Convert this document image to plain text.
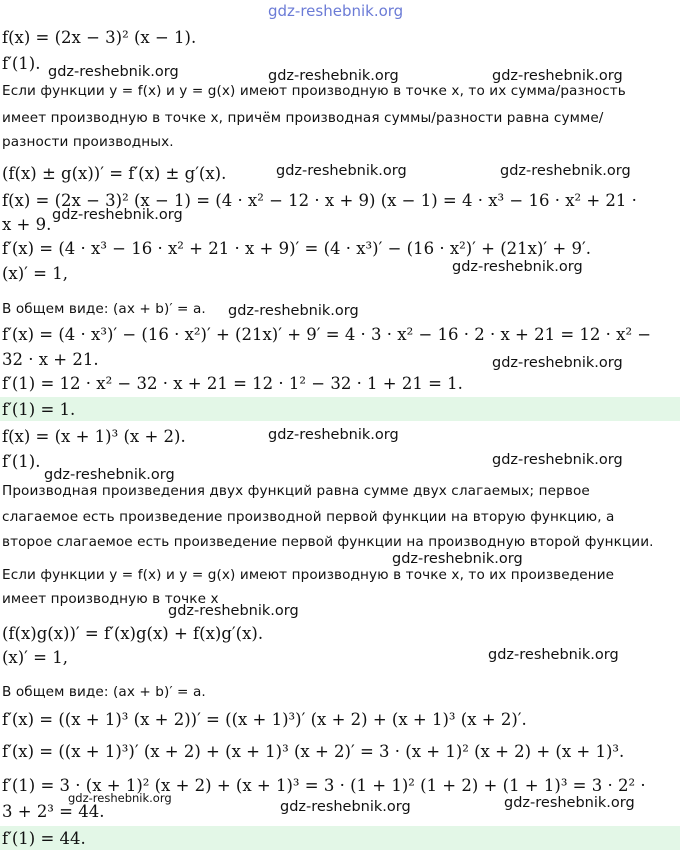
f(x) = (2x − 3)² (x − 1).
f′(1).
Если функции y = f(x) и y = g(x) имеют производную в точке x, то их сумма/разность
имеет производную в точке x, причём производная суммы/разности равна сумме/
разности производных.
(f(x) ± g(x))′ = f′(x) ± g′(x).
f(x) = (2x − 3)² (x − 1) = (4 · x² − 12 · x + 9) (x − 1) = 4 · x³ − 16 · x² + 21 ·
x + 9.
f′(x) = (4 · x³ − 16 · x² + 21 · x + 9)′ = (4 · x³)′ − (16 · x²)′ + (21x)′ + 9′.
(x)′ = 1,
В общем виде: (ax + b)′ = a.
f′(x) = (4 · x³)′ − (16 · x²)′ + (21x)′ + 9′ = 4 · 3 · x² − 16 · 2 · x + 21 = 12 · x² −
32 · x + 21.
f′(1) = 12 · x² − 32 · x + 21 = 12 · 1² − 32 · 1 + 21 = 1.
f′(1) = 1.
f(x) = (x + 1)³ (x + 2).
f′(1).
Производная произведения двух функций равна сумме двух слагаемых; первое
слагаемое есть произведение производной первой функции на вторую функцию, а
второе слагаемое есть произведение первой функции на производную второй функции.
Если функции y = f(x) и y = g(x) имеют производную в точке x, то их произведение
имеет производную в точке x
(f(x)g(x))′ = f′(x)g(x) + f(x)g′(x).
(x)′ = 1,
В общем виде: (ax + b)′ = a.
f′(x) = ((x + 1)³ (x + 2))′ = ((x + 1)³)′ (x + 2) + (x + 1)³ (x + 2)′.
f′(x) = ((x + 1)³)′ (x + 2) + (x + 1)³ (x + 2)′ = 3 · (x + 1)² (x + 2) + (x + 1)³.
f′(1) = 3 · (x + 1)² (x + 2) + (x + 1)³ = 3 · (1 + 1)² (1 + 2) + (1 + 1)³ = 3 · 2² ·
3 + 2³ = 44.
f′(1) = 44.
gdz-reshebnik.org
gdz-reshebnik.org	gdz-reshebnik.org	gdz-reshebnik.org
gdz-reshebnik.org	gdz-reshebnik.org
gdz-reshebnik.org
gdz-reshebnik.org
gdz-reshebnik.org
gdz-reshebnik.org
gdz-reshebnik.org
gdz-reshebnik.org
gdz-reshebnik.org
gdz-reshebnik.org
gdz-reshebnik.org
gdz-reshebnik.org
gdz-reshebnik.org
gdz-reshebnik.org	gdz-reshebnik.org
